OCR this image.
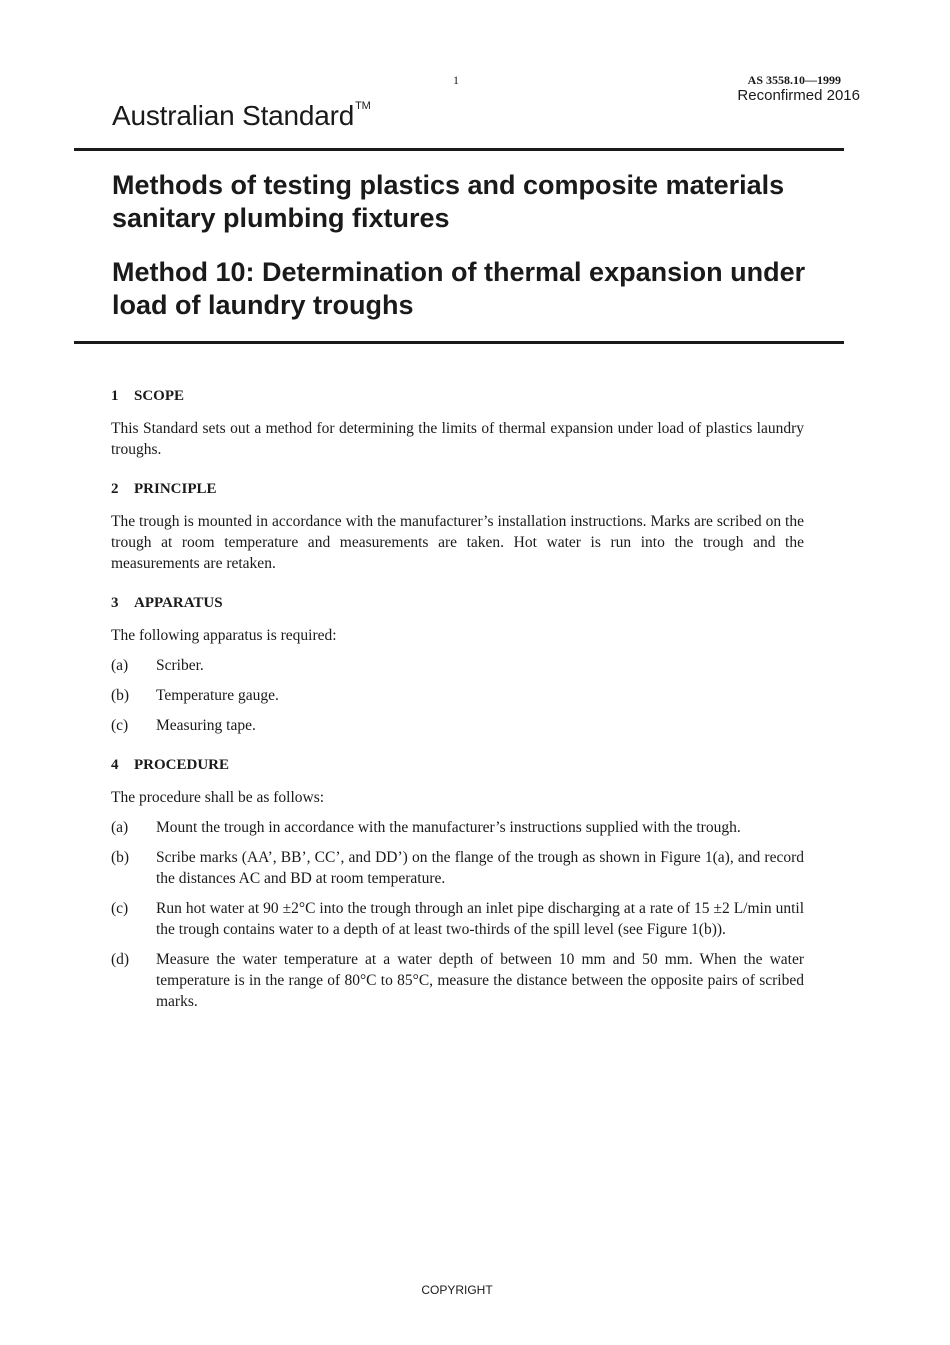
1	AS 3558.10—1999
Reconfirmed 2016
Australian Standard™
Methods of testing plastics and composite materials sanitary plumbing fixtures
Method 10: Determination of thermal expansion under load of laundry troughs
1 SCOPE

This Standard sets out a method for determining the limits of thermal expansion under load of plastics laundry troughs.

2 PRINCIPLE

The trough is mounted in accordance with the manufacturer’s installation instructions. Marks are scribed on the trough at room temperature and measurements are taken. Hot water is run into the trough and the measurements are retaken.

3 APPARATUS

The following apparatus is required:

(a)	Scriber.
(b)	Temperature gauge.
(c)	Measuring tape.
4 PROCEDURE

The procedure shall be as follows:

(a)	Mount the trough in accordance with the manufacturer’s instructions supplied with the trough.
(b)	Scribe marks (AA’, BB’, CC’, and DD’) on the flange of the trough as shown in Figure 1(a), and record the distances AC and BD at room temperature.
(c)	Run hot water at 90 ±2°C into the trough through an inlet pipe discharging at a rate of 15 ±2 L/min until the trough contains water to a depth of at least two-thirds of the spill level (see Figure 1(b)).
(d)	Measure the water temperature at a water depth of between 10 mm and 50 mm. When the water temperature is in the range of 80°C to 85°C, measure the distance between the opposite pairs of scribed marks.
COPYRIGHT
